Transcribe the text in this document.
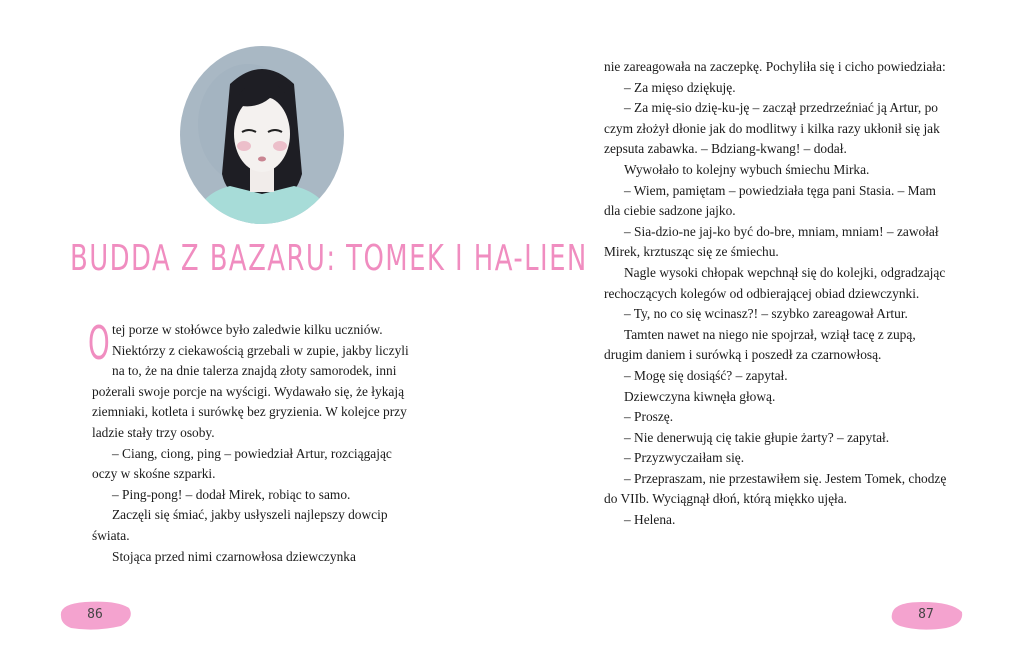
BUDDA Z BAZARU: TOMEK I HA-LIEN
O tej porze w stołówce było zaledwie kilku uczniów. Niektórzy z ciekawością grzebali w zupie, jakby liczyli na to, że na dnie talerza znajdą złoty samorodek, inni pożerali swoje porcje na wyścigi. Wydawało się, że łykają ziemniaki, kotleta i surówkę bez gryzienia. W kolejce przy ladzie stały trzy osoby.

– Ciang, ciong, ping – powiedział Artur, rozciągając oczy w skośne szparki.

– Ping-pong! – dodał Mirek, robiąc to samo.

Zaczęli się śmiać, jakby usłyszeli najlepszy dowcip świata.

Stojąca przed nimi czarnowłosa dziewczynka

86

nie zareagowała na zaczepkę. Pochyliła się i cicho powiedziała:

– Za mięso dziękuję.

– Za mię-sio dzię-ku-ję – zaczął przedrzeźniać ją Artur, po czym złożył dłonie jak do modlitwy i kilka razy ukłonił się jak zepsuta zabawka. – Bdziang-kwang! – dodał.

Wywołało to kolejny wybuch śmiechu Mirka.

– Wiem, pamiętam – powiedziała tęga pani Stasia. – Mam dla ciebie sadzone jajko.

– Sia-dzio-ne jaj-ko być do-bre, mniam, mniam! – zawołał Mirek, krztusząc się ze śmiechu.

Nagle wysoki chłopak wepchnął się do kolejki, odgradzając rechoczących kolegów od odbierającej obiad dziewczynki.

– Ty, no co się wcinasz?! – szybko zareagował Artur.

Tamten nawet na niego nie spojrzał, wziął tacę z zupą, drugim daniem i surówką i poszedł za czarnowłosą.

– Mogę się dosiąść? – zapytał.

Dziewczyna kiwnęła głową.

– Proszę.

– Nie denerwują cię takie głupie żarty? – zapytał.

– Przyzwyczaiłam się.

– Przepraszam, nie przestawiłem się. Jestem Tomek, chodzę do VIIb. Wyciągnął dłoń, którą miękko ujęła.

– Helena.

87
